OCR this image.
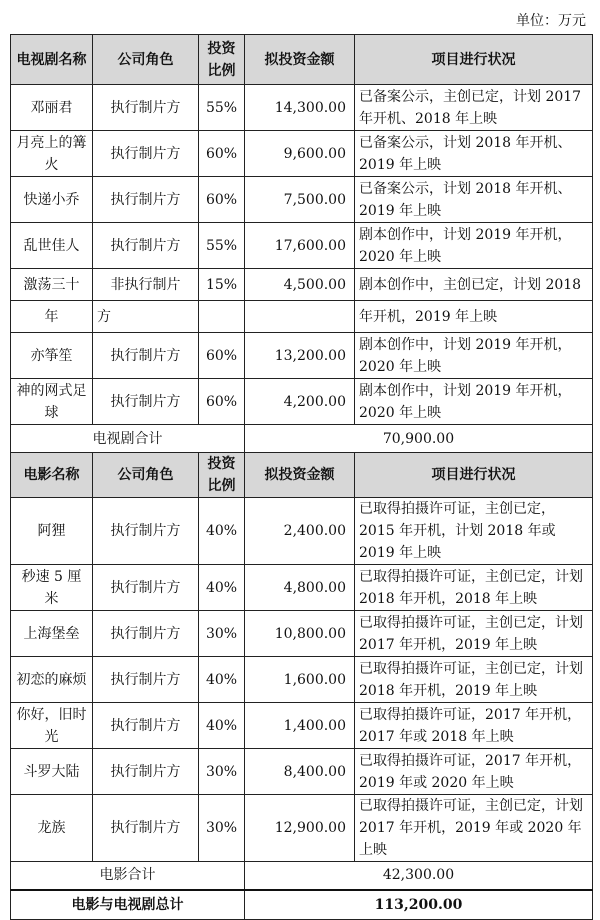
单位：万元
电视剧名称	公司角色	投资比例	拟投资金额	项目进行状况
邓丽君	执行制片方	55%	14,300.00	已备案公示，主创已定，计划 2017 年开机、2018 年上映
月亮上的篝火	执行制片方	60%	9,600.00	已备案公示，计划 2018 年开机、2019 年上映
快递小乔	执行制片方	60%	7,500.00	已备案公示，计划 2018 年开机、2019 年上映
乱世佳人	执行制片方	55%	17,600.00	剧本创作中，计划 2019 年开机，2020 年上映
激荡三十	非执行制片	15%	4,500.00	剧本创作中，主创已定，计划 2018
年	方			年开机，2019 年上映
亦筝笙	执行制片方	60%	13,200.00	剧本创作中，计划 2019 年开机，2020 年上映
神的网式足球	执行制片方	60%	4,200.00	剧本创作中，计划 2019 年开机，2020 年上映
电视剧合计			70,900.00	
电影名称	公司角色	投资比例	拟投资金额	项目进行状况
阿狸	执行制片方	40%	2,400.00	已取得拍摄许可证，主创已定，2015 年开机，计划 2018 年或 2019 年上映
秒速 5 厘米	执行制片方	40%	4,800.00	已取得拍摄许可证，主创已定，计划 2018 年开机，2018 年上映
上海堡垒	执行制片方	30%	10,800.00	已取得拍摄许可证，主创已定，计划 2017 年开机，2019 年上映
初恋的麻烦	执行制片方	40%	1,600.00	已取得拍摄许可证，主创已定，计划 2018 年开机，2019 年上映
你好，旧时光	执行制片方	40%	1,400.00	已取得拍摄许可证，2017 年开机，2017 年或 2018 年上映
斗罗大陆	执行制片方	30%	8,400.00	已取得拍摄许可证，2017 年开机，2019 年或 2020 年上映
龙族	执行制片方	30%	12,900.00	已取得拍摄许可证，主创已定，计划 2017 年开机，2019 年或 2020 年上映
电影合计			42,300.00	
电影与电视剧总计			113,200.00	
